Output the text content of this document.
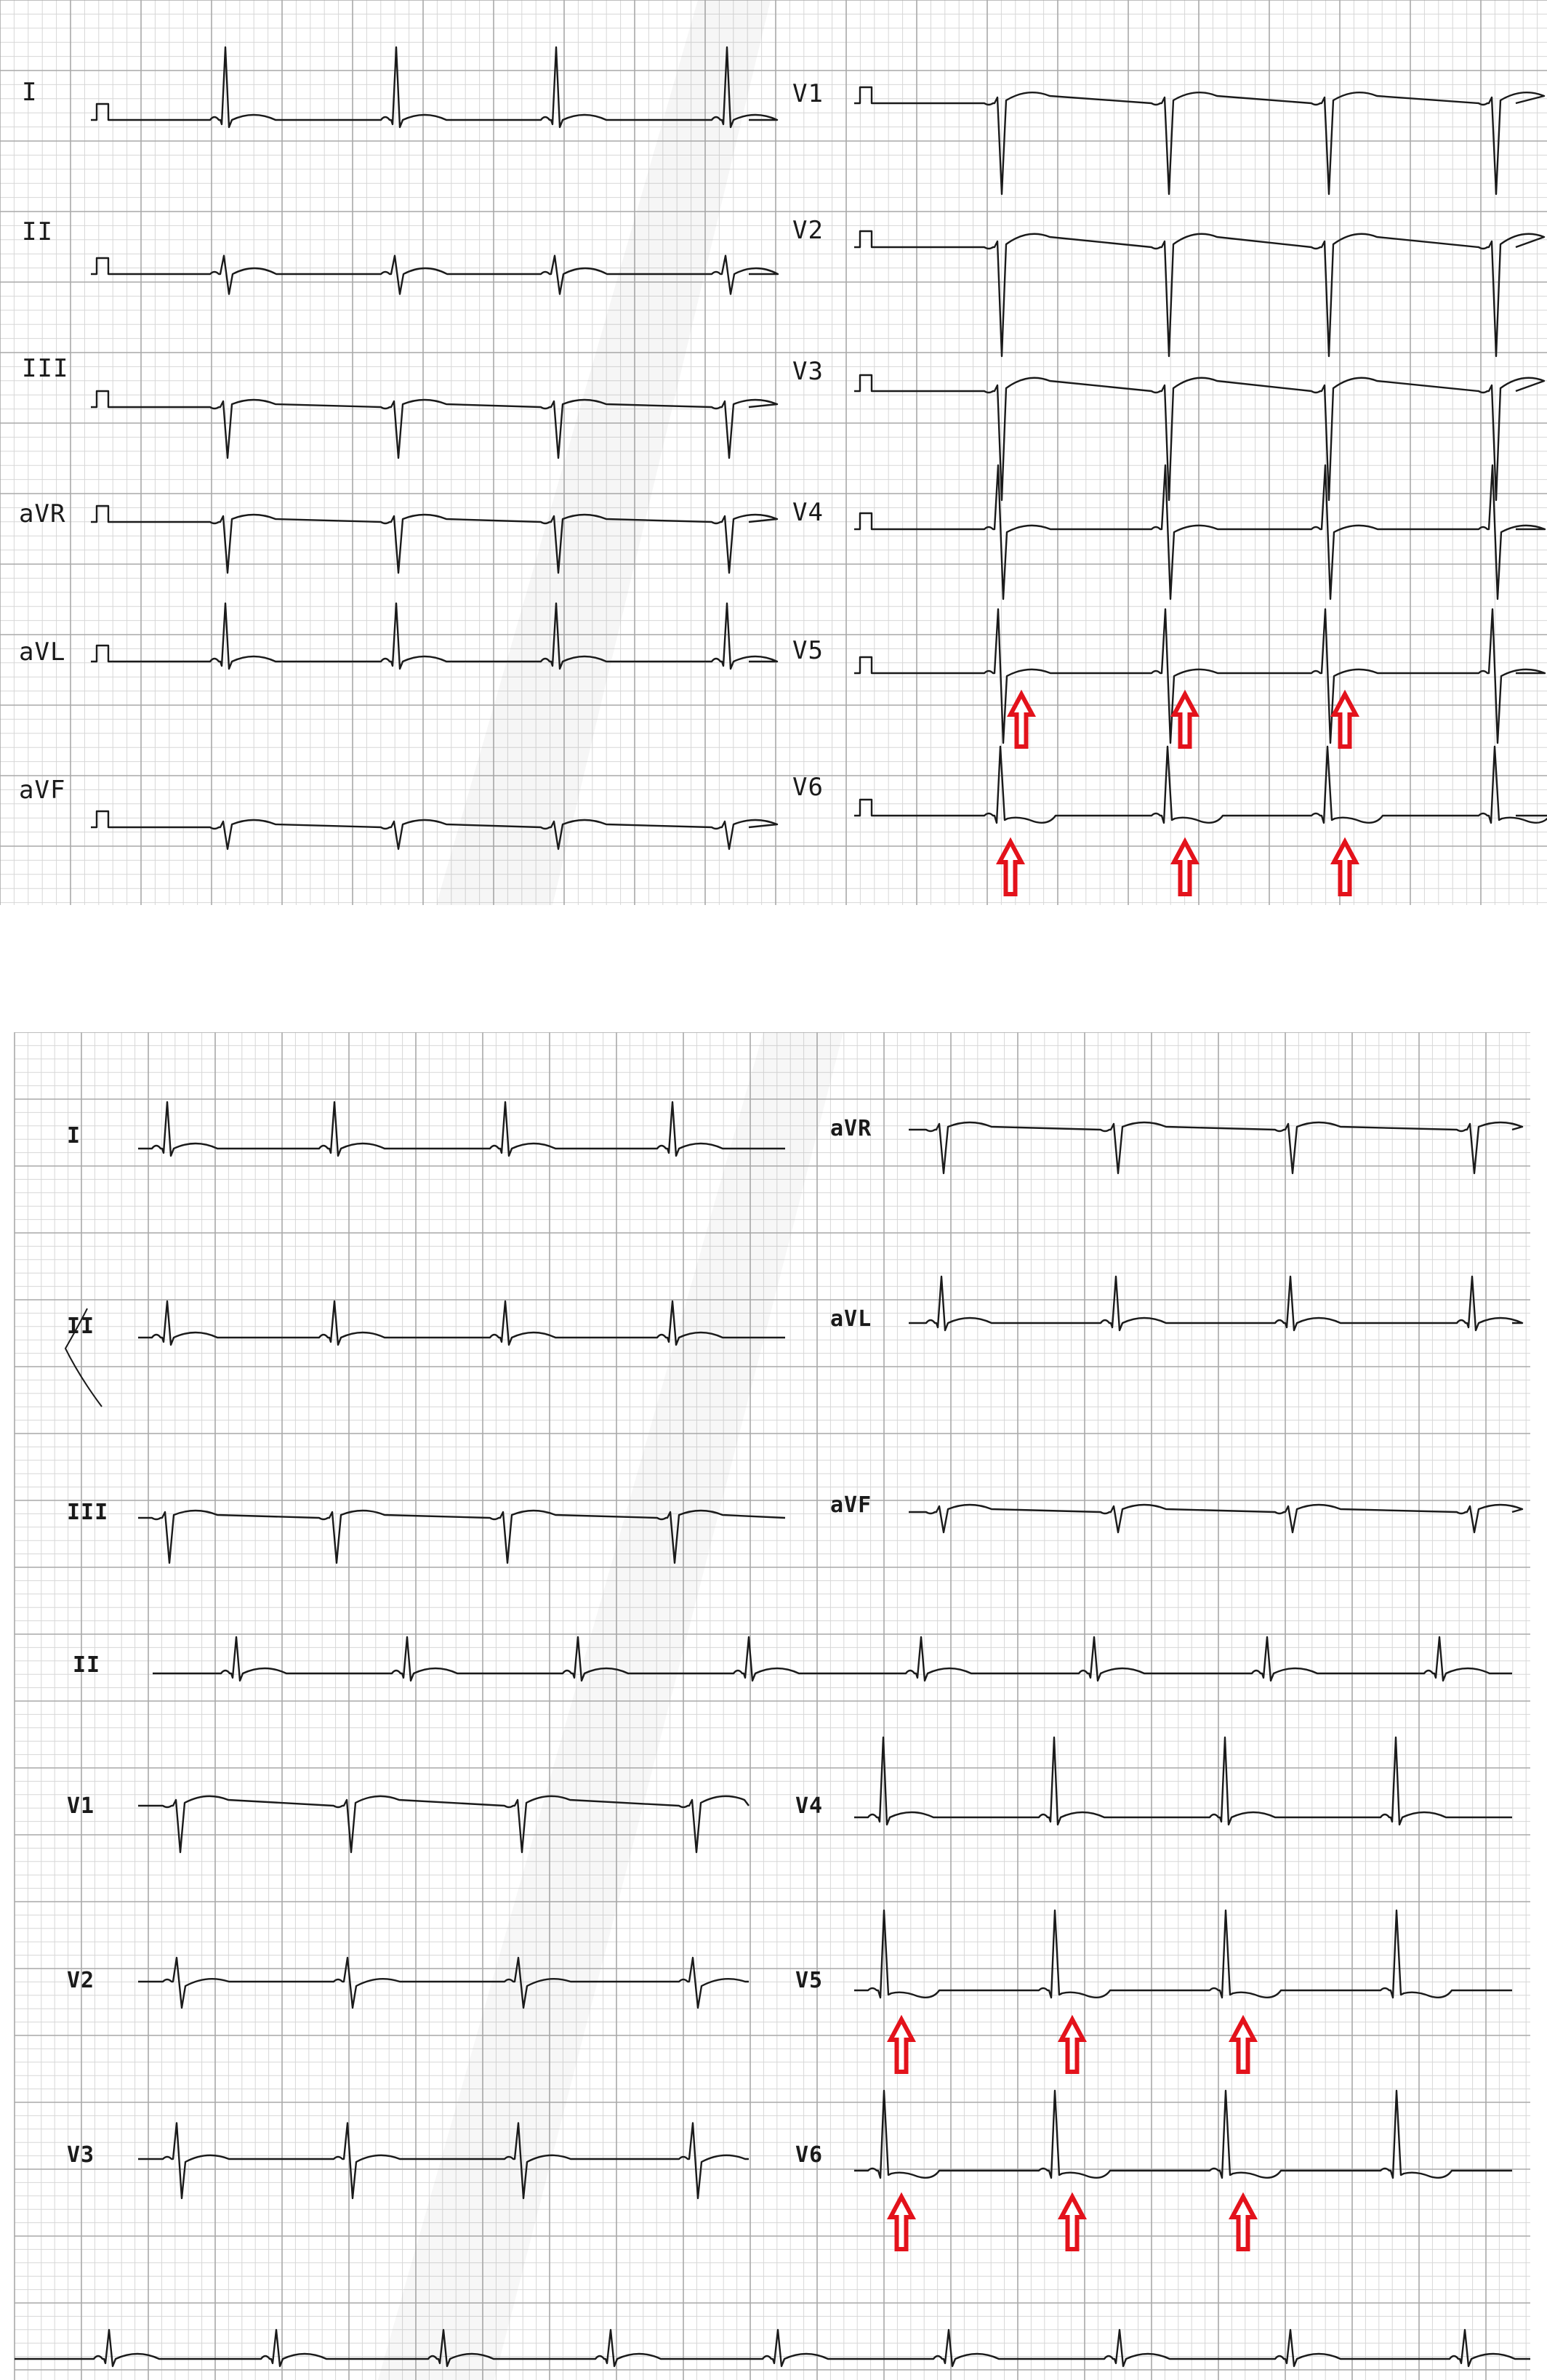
I
II
III
aVR
aVL
aVF
V1
V2
V3
V4
V5
V6
I
II
III
aVR
aVL
aVF
II
V1
V2
V3
V4
V5
V6
